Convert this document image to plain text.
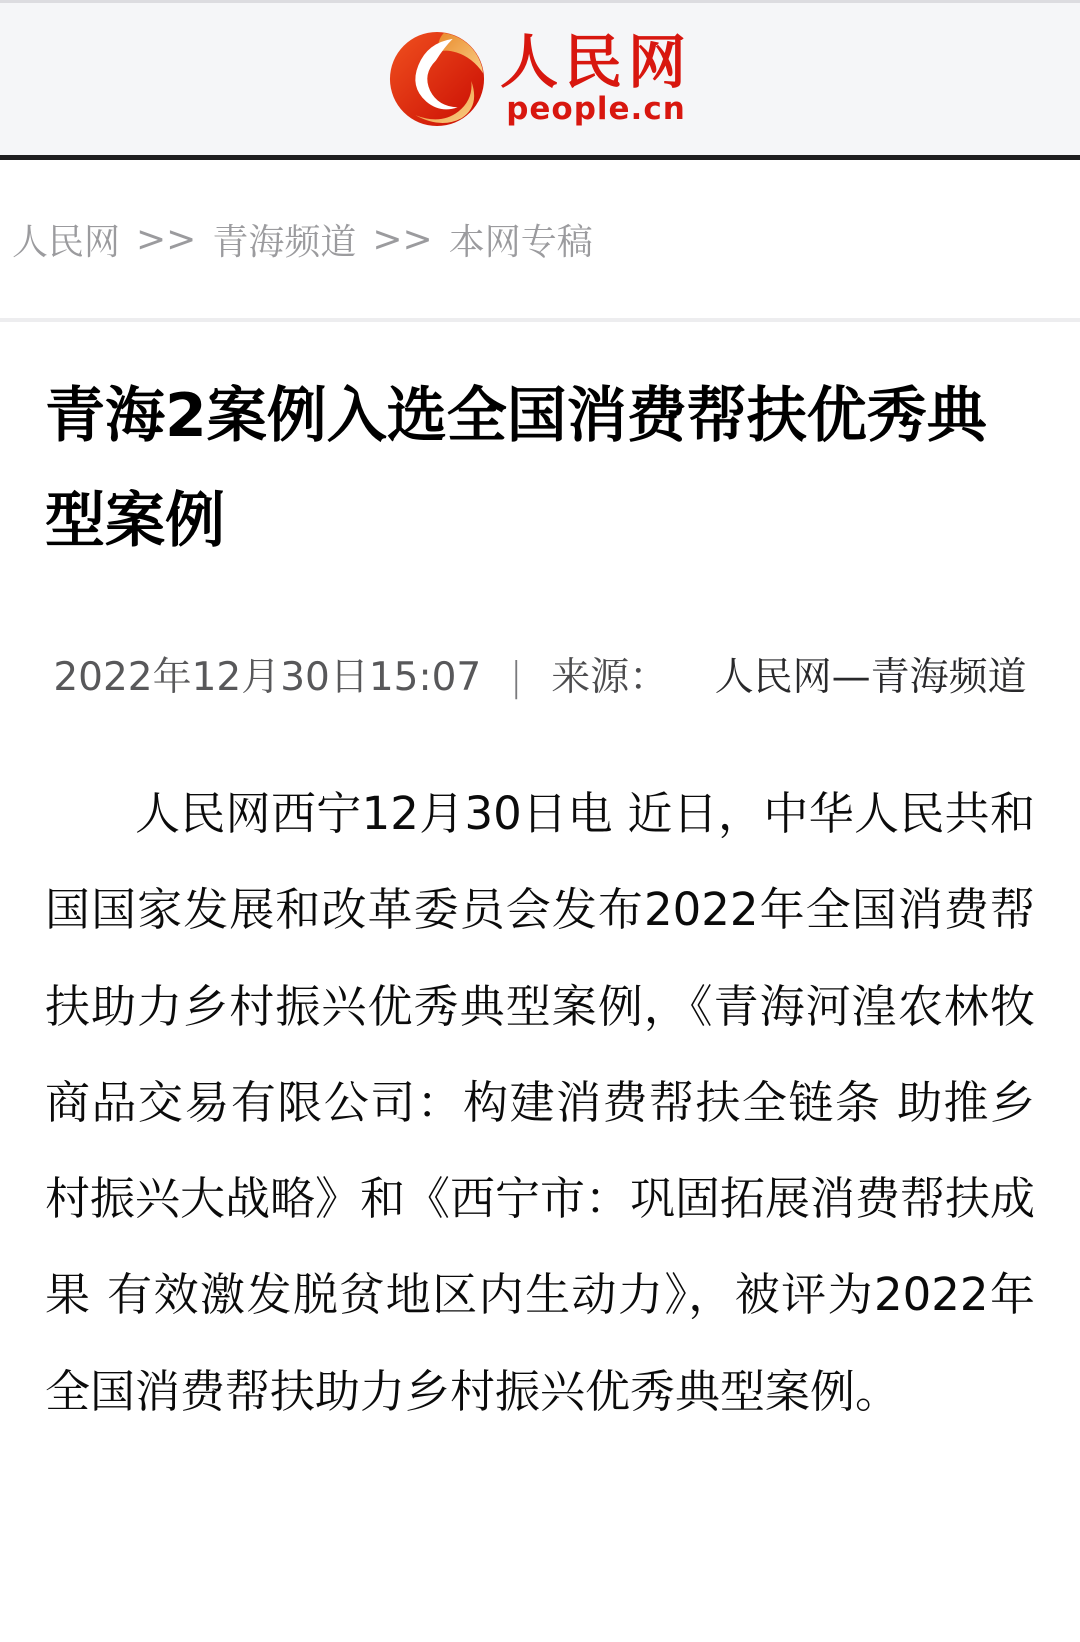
人民网
people.cn
人民网 >> 青海频道 >> 本网专稿
青海2案例入选全国消费帮扶优秀典型案例
2022年12月30日15:07 | 来源： 人民网—青海频道

人民网西宁12月30日电 近日，中华人民共和国国家发展和改革委员会发布2022年全国消费帮扶助力乡村振兴优秀典型案例，《青海河湟农林牧商品交易有限公司：构建消费帮扶全链条 助推乡村振兴大战略》和《西宁市：巩固拓展消费帮扶成果 有效激发脱贫地区内生动力》，被评为2022年全国消费帮扶助力乡村振兴优秀典型案例。
